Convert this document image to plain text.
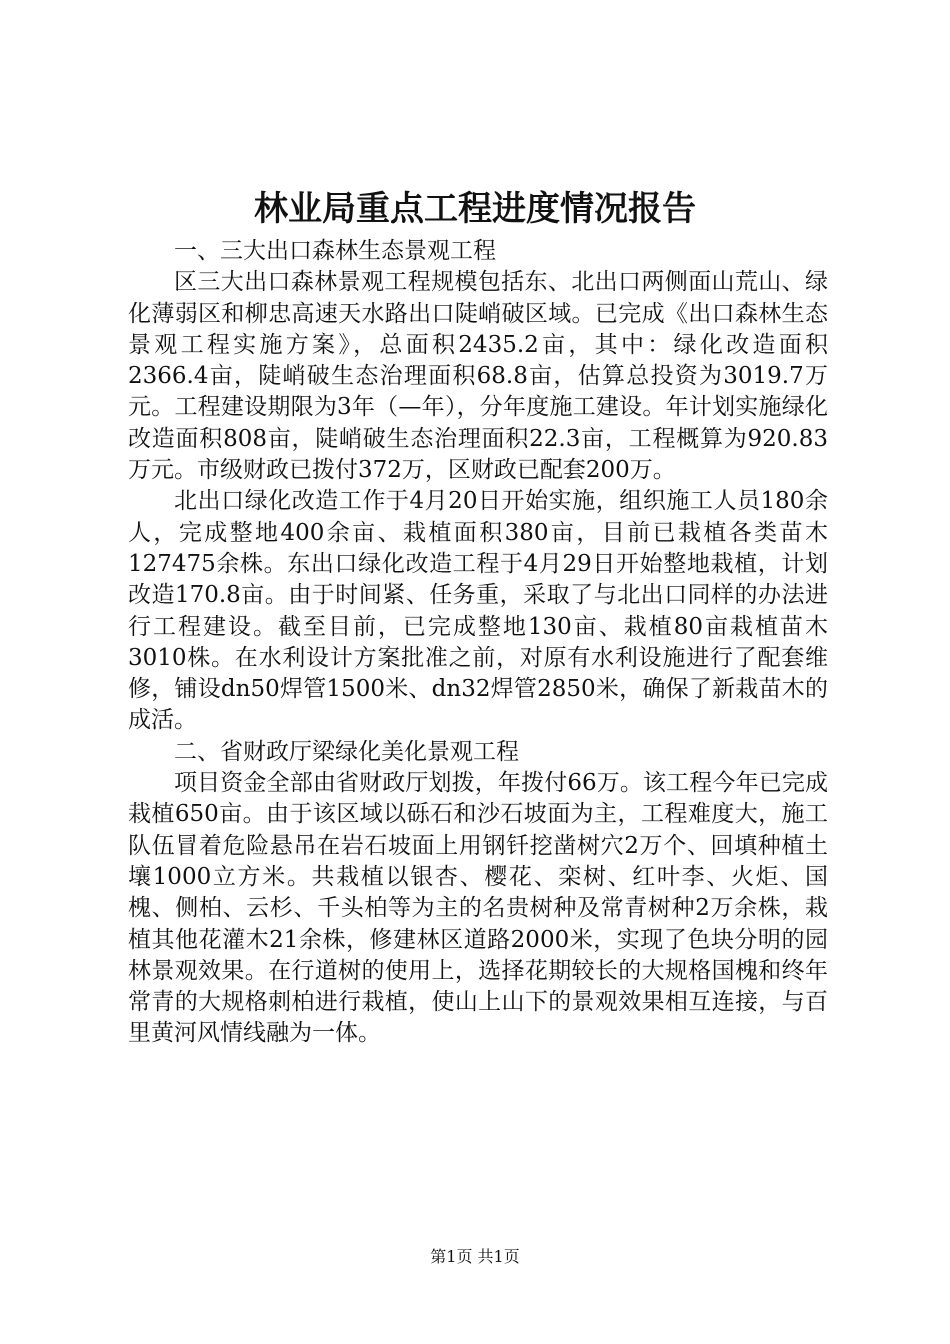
林业局重点工程进度情况报告

一、三大出口森林生态景观工程

区三大出口森林景观工程规模包括东、北出口两侧面山荒山、绿化薄弱区和柳忠高速天水路出口陡峭破区域。已完成《出口森林生态景观工程实施方案》，总面积2435.2亩，其中：绿化改造面积2366.4亩，陡峭破生态治理面积68.8亩，估算总投资为3019.7万元。工程建设期限为3年（—年），分年度施工建设。年计划实施绿化改造面积808亩，陡峭破生态治理面积22.3亩，工程概算为920.83万元。市级财政已拨付372万，区财政已配套200万。

北出口绿化改造工作于4月20日开始实施，组织施工人员180余人，完成整地400余亩、栽植面积380亩，目前已栽植各类苗木127475余株。东出口绿化改造工程于4月29日开始整地栽植，计划改造170.8亩。由于时间紧、任务重，采取了与北出口同样的办法进行工程建设。截至目前，已完成整地130亩、栽植80亩栽植苗木3010株。在水利设计方案批准之前，对原有水利设施进行了配套维修，铺设dn50焊管1500米、dn32焊管2850米，确保了新栽苗木的成活。

二、省财政厅梁绿化美化景观工程

项目资金全部由省财政厅划拨，年拨付66万。该工程今年已完成栽植650亩。由于该区域以砾石和沙石坡面为主，工程难度大，施工队伍冒着危险悬吊在岩石坡面上用钢钎挖凿树穴2万个、回填种植土壤1000立方米。共栽植以银杏、樱花、栾树、红叶李、火炬、国槐、侧柏、云杉、千头柏等为主的名贵树种及常青树种2万余株，栽植其他花灌木21余株，修建林区道路2000米，实现了色块分明的园林景观效果。在行道树的使用上，选择花期较长的大规格国槐和终年常青的大规格刺柏进行栽植，使山上山下的景观效果相互连接，与百里黄河风情线融为一体。

第1页 共1页
